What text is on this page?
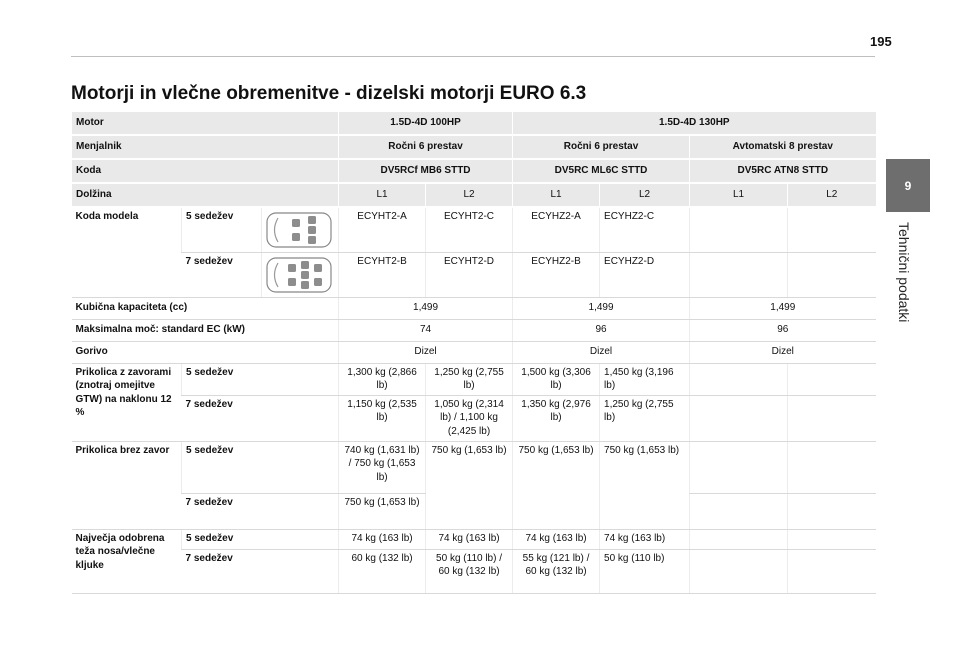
195
9
Tehnični podatki
Motorji in vlečne obremenitve - dizelski motorji EURO 6.3
Motor			1.5D-4D 100HP		1.5D-4D 130HP			
Menjalnik			Ročni 6 prestav		Ročni 6 prestav		Avtomatski 8 prestav	
Koda			DV5RCf MB6 STTD		DV5RC ML6C STTD		DV5RC ATN8 STTD	
Dolžina			L1	L2	L1	L2	L1	L2
Koda modela	5 sedežev		ECYHT2-A	ECYHT2-C	ECYHZ2-A	ECYHZ2-C		
	7 sedežev		ECYHT2-B	ECYHT2-D	ECYHZ2-B	ECYHZ2-D		
Kubična kapaciteta (cc)			1,499		1,499		1,499	
Maksimalna moč: standard EC (kW)			74		96		96	
Gorivo			Dizel		Dizel		Dizel	
Prikolica z zavorami (znotraj omejitve GTW) na naklonu 12 %	5 sedežev		1,300 kg (2,866 lb)	1,250 kg (2,755 lb)	1,500 kg (3,306 lb)	1,450 kg (3,196 lb)		
	7 sedežev		1,150 kg (2,535 lb)	1,050 kg (2,314 lb) / 1,100 kg (2,425 lb)	1,350 kg (2,976 lb)	1,250 kg (2,755 lb)		
Prikolica brez zavor	5 sedežev		740 kg (1,631 lb) / 750 kg (1,653 lb)	750 kg (1,653 lb)	750 kg (1,653 lb)	750 kg (1,653 lb)		
	7 sedežev		750 kg (1,653 lb)					
Največja odobrena teža nosa/vlečne kljuke	5 sedežev		74 kg (163 lb)	74 kg (163 lb)	74 kg (163 lb)	74 kg (163 lb)		
	7 sedežev		60 kg (132 lb)	50 kg (110 lb) / 60 kg (132 lb)	55 kg (121 lb) / 60 kg (132 lb)	50 kg (110 lb)		
